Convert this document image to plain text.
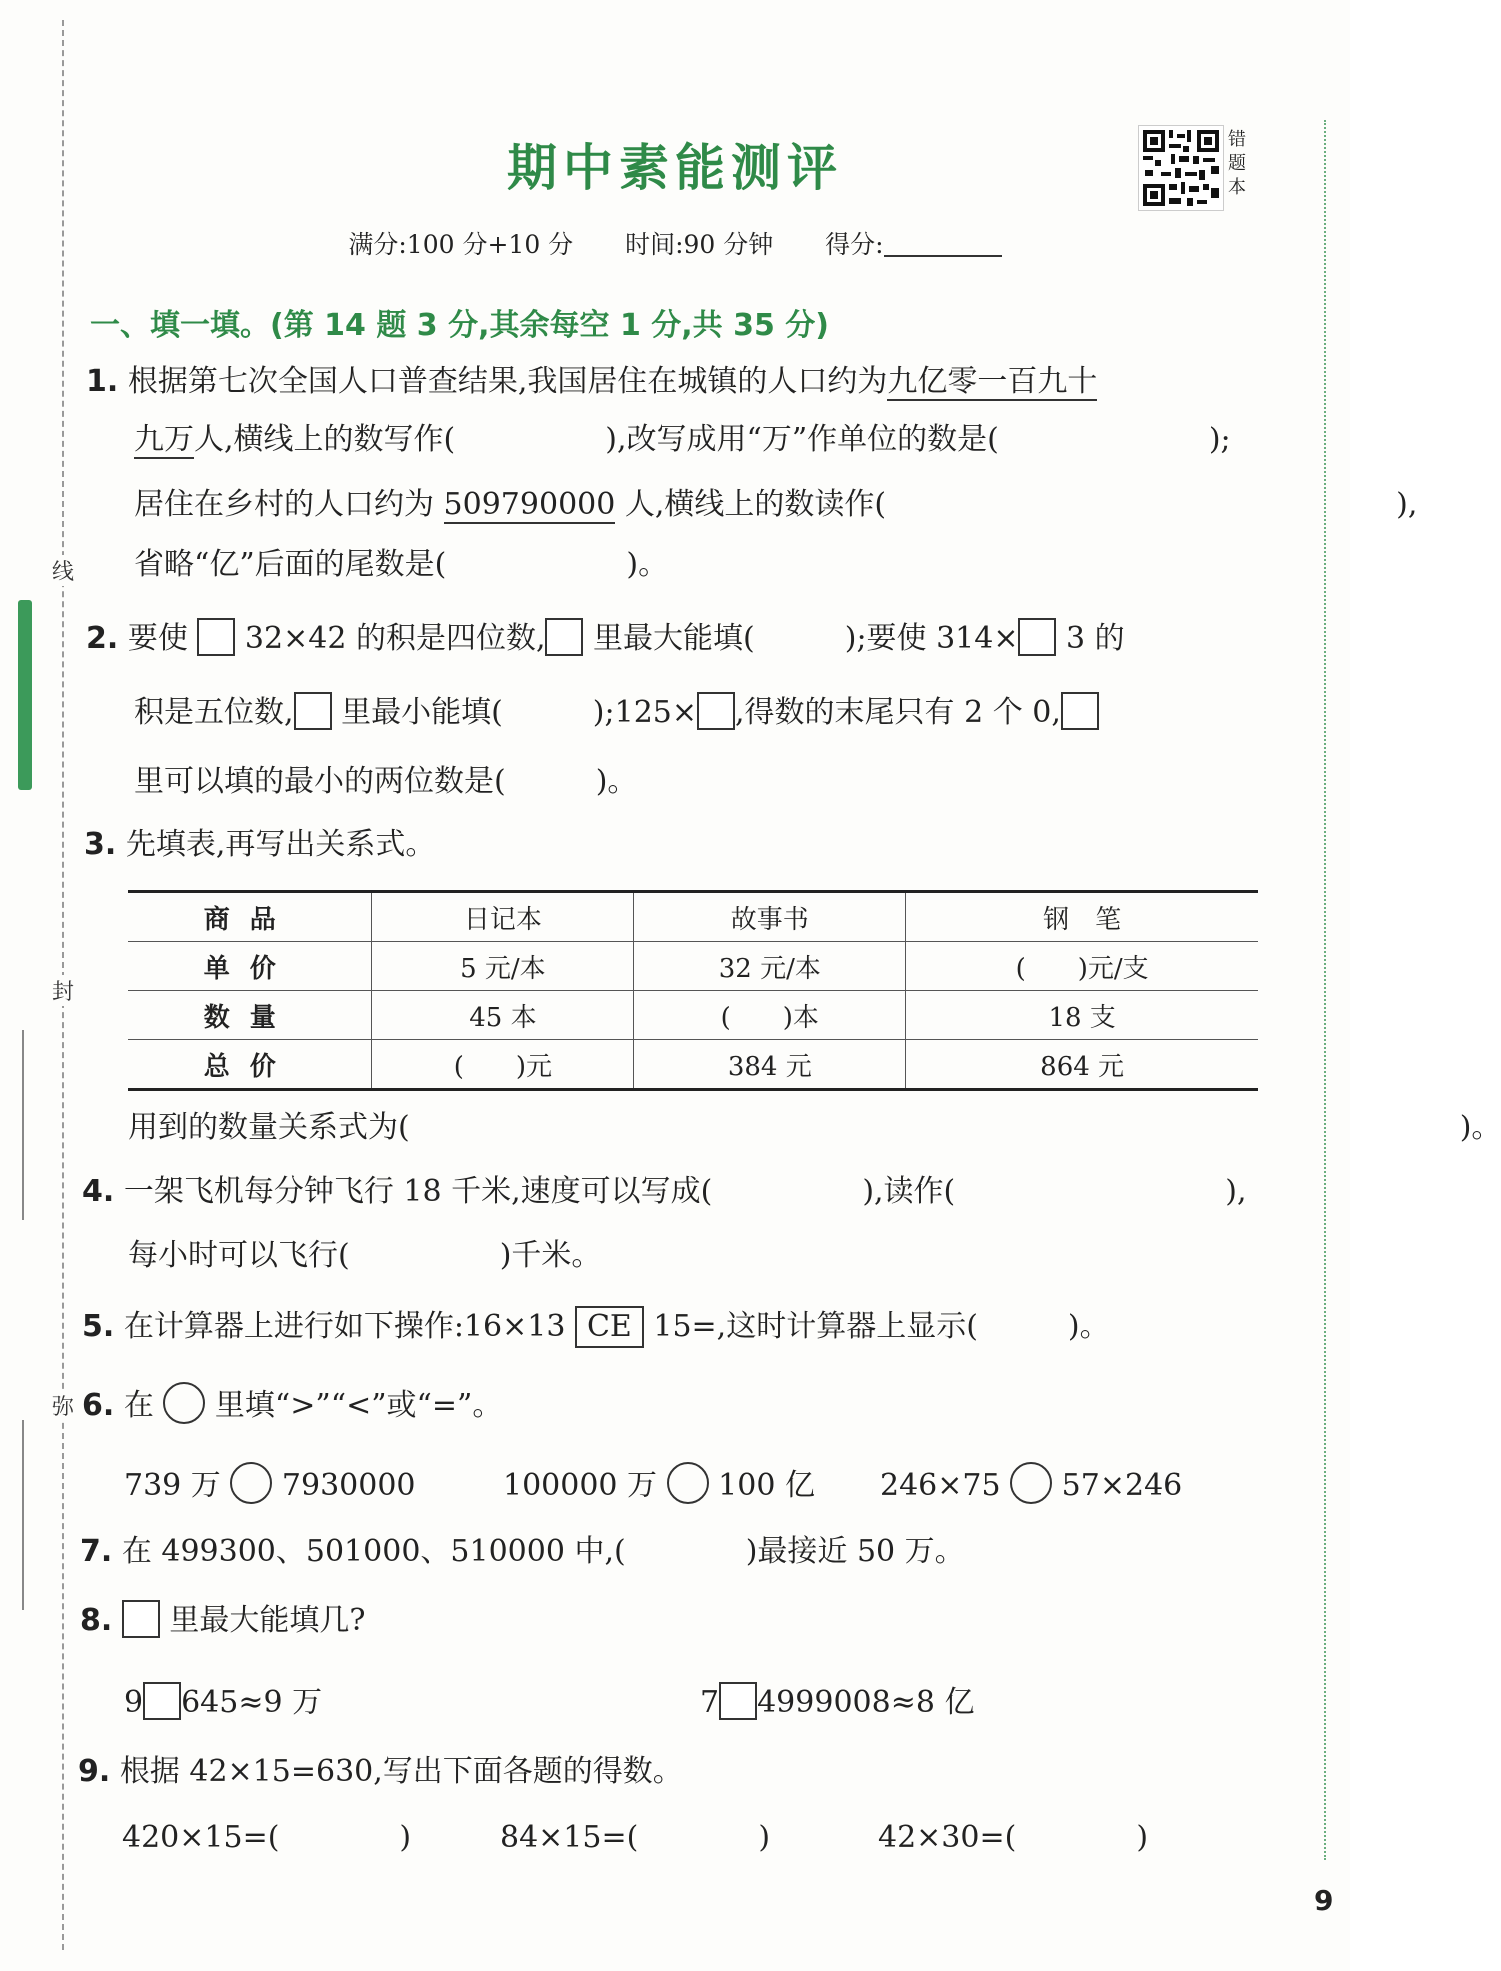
线
封
弥
期中素能测评	错题本
满分:100 分+10 分 时间:90 分钟 得分:
一、填一填。(第 14 题 3 分,其余每空 1 分,共 35 分)
1. 根据第七次全国人口普查结果,我国居住在城镇的人口约为九亿零一百九十
九万人,横线上的数写作(　　　　　),改写成用“万”作单位的数是(　　　　　　　);
居住在乡村的人口约为 509790000 人,横线上的数读作(　　　　　　　　　　　　　　　　　),
省略“亿”后面的尾数是(　　　　　　)。
2. 要使 32×42 的积是四位数, 里最大能填(　　　);要使 314× 3 的
积是五位数, 里最小能填(　　　);125× ,得数的末尾只有 2 个 0,
里可以填的最小的两位数是(　　　)。
3. 先填表,再写出关系式。
商品	日记本	故事书	钢　笔
单价	5 元/本	32 元/本	(　　)元/支
数量	45 本	(　　)本	18 支
总价	(　　)元	384 元	864 元
用到的数量关系式为(　　　　　　　　　　　　　　　　　　　　　　　　　　　　　　　　　　　)。
4. 一架飞机每分钟飞行 18 千米,速度可以写成(　　　　　),读作(　　　　　　　　　),
每小时可以飞行(　　　　　)千米。
5. 在计算器上进行如下操作:16×13 CE 15=,这时计算器上显示(　　　)。
6. 在 里填“>”“<”或“=”。
739 万 7930000	100000 万 100 亿 246×75 57×246
7. 在 499300、501000、510000 中,(　　　　)最接近 50 万。
8. 里最大能填几?
9 645≈9 万	7 4999008≈8 亿
9. 根据 42×15=630,写出下面各题的得数。
420×15=(　　　　)	84×15=(　　　　)	42×30=(　　　　)
9
